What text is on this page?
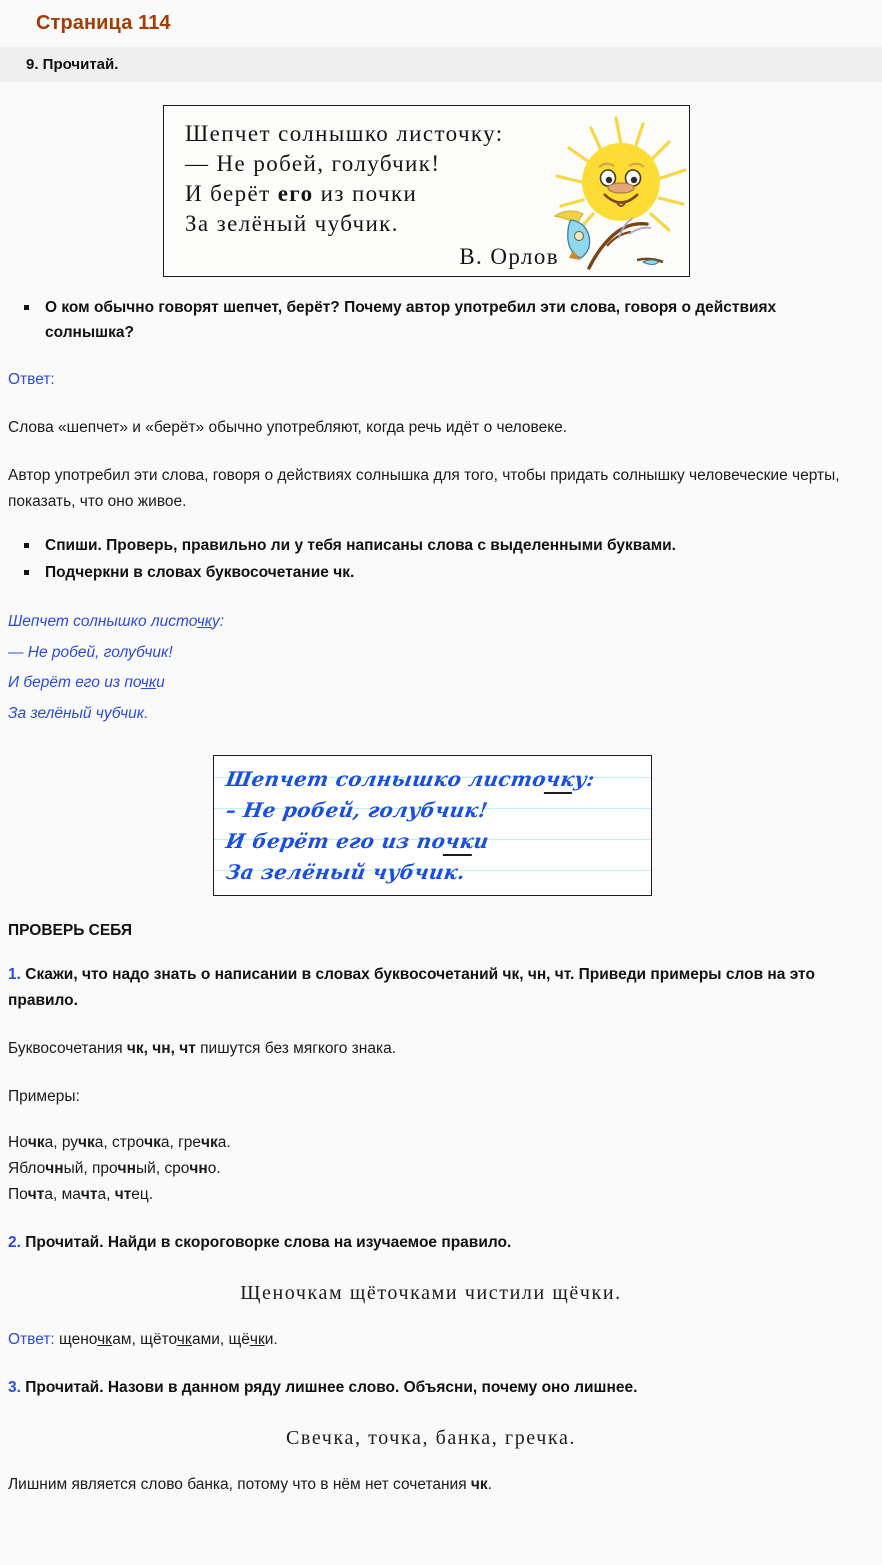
Страница 114
9. Прочитай.
Шепчет солнышко листочку:
— Не робей, голубчик!
И берёт его из почки
За зелёный чубчик.
В. Орлов
О ком обычно говорят шепчет, берёт? Почему автор употребил эти слова, говоря о действиях солнышка?
Ответ:
Слова «шепчет» и «берёт» обычно употребляют, когда речь идёт о человеке.
Автор употребил эти слова, говоря о действиях солнышка для того, чтобы придать солнышку человеческие черты, показать, что оно живое.
Спиши. Проверь, правильно ли у тебя написаны слова с выделенными буквами.
Подчеркни в словах буквосочетание чк.
Шепчет солнышко листочку:
— Не робей, голубчик!
И берёт его из почки
За зелёный чубчик.
Шепчет солнышко листочку:
– Не робей, голубчик!
И берёт его из почки
За зелёный чубчик.
ПРОВЕРЬ СЕБЯ
1. Скажи, что надо знать о написании в словах буквосочетаний чк, чн, чт. Приведи примеры слов на это правило.
Буквосочетания чк, чн, чт пишутся без мягкого знака.
Примеры:
Ночка, ручка, строчка, гречка.
Яблочный, прочный, срочно.
Почта, мачта, чтец.
2. Прочитай. Найди в скороговорке слова на изучаемое правило.
Щеночкам щёточками чистили щёчки.
Ответ: щеночкам, щёточками, щёчки.
3. Прочитай. Назови в данном ряду лишнее слово. Объясни, почему оно лишнее.
Свечка, точка, банка, гречка.
Лишним является слово банка, потому что в нём нет сочетания чк.
